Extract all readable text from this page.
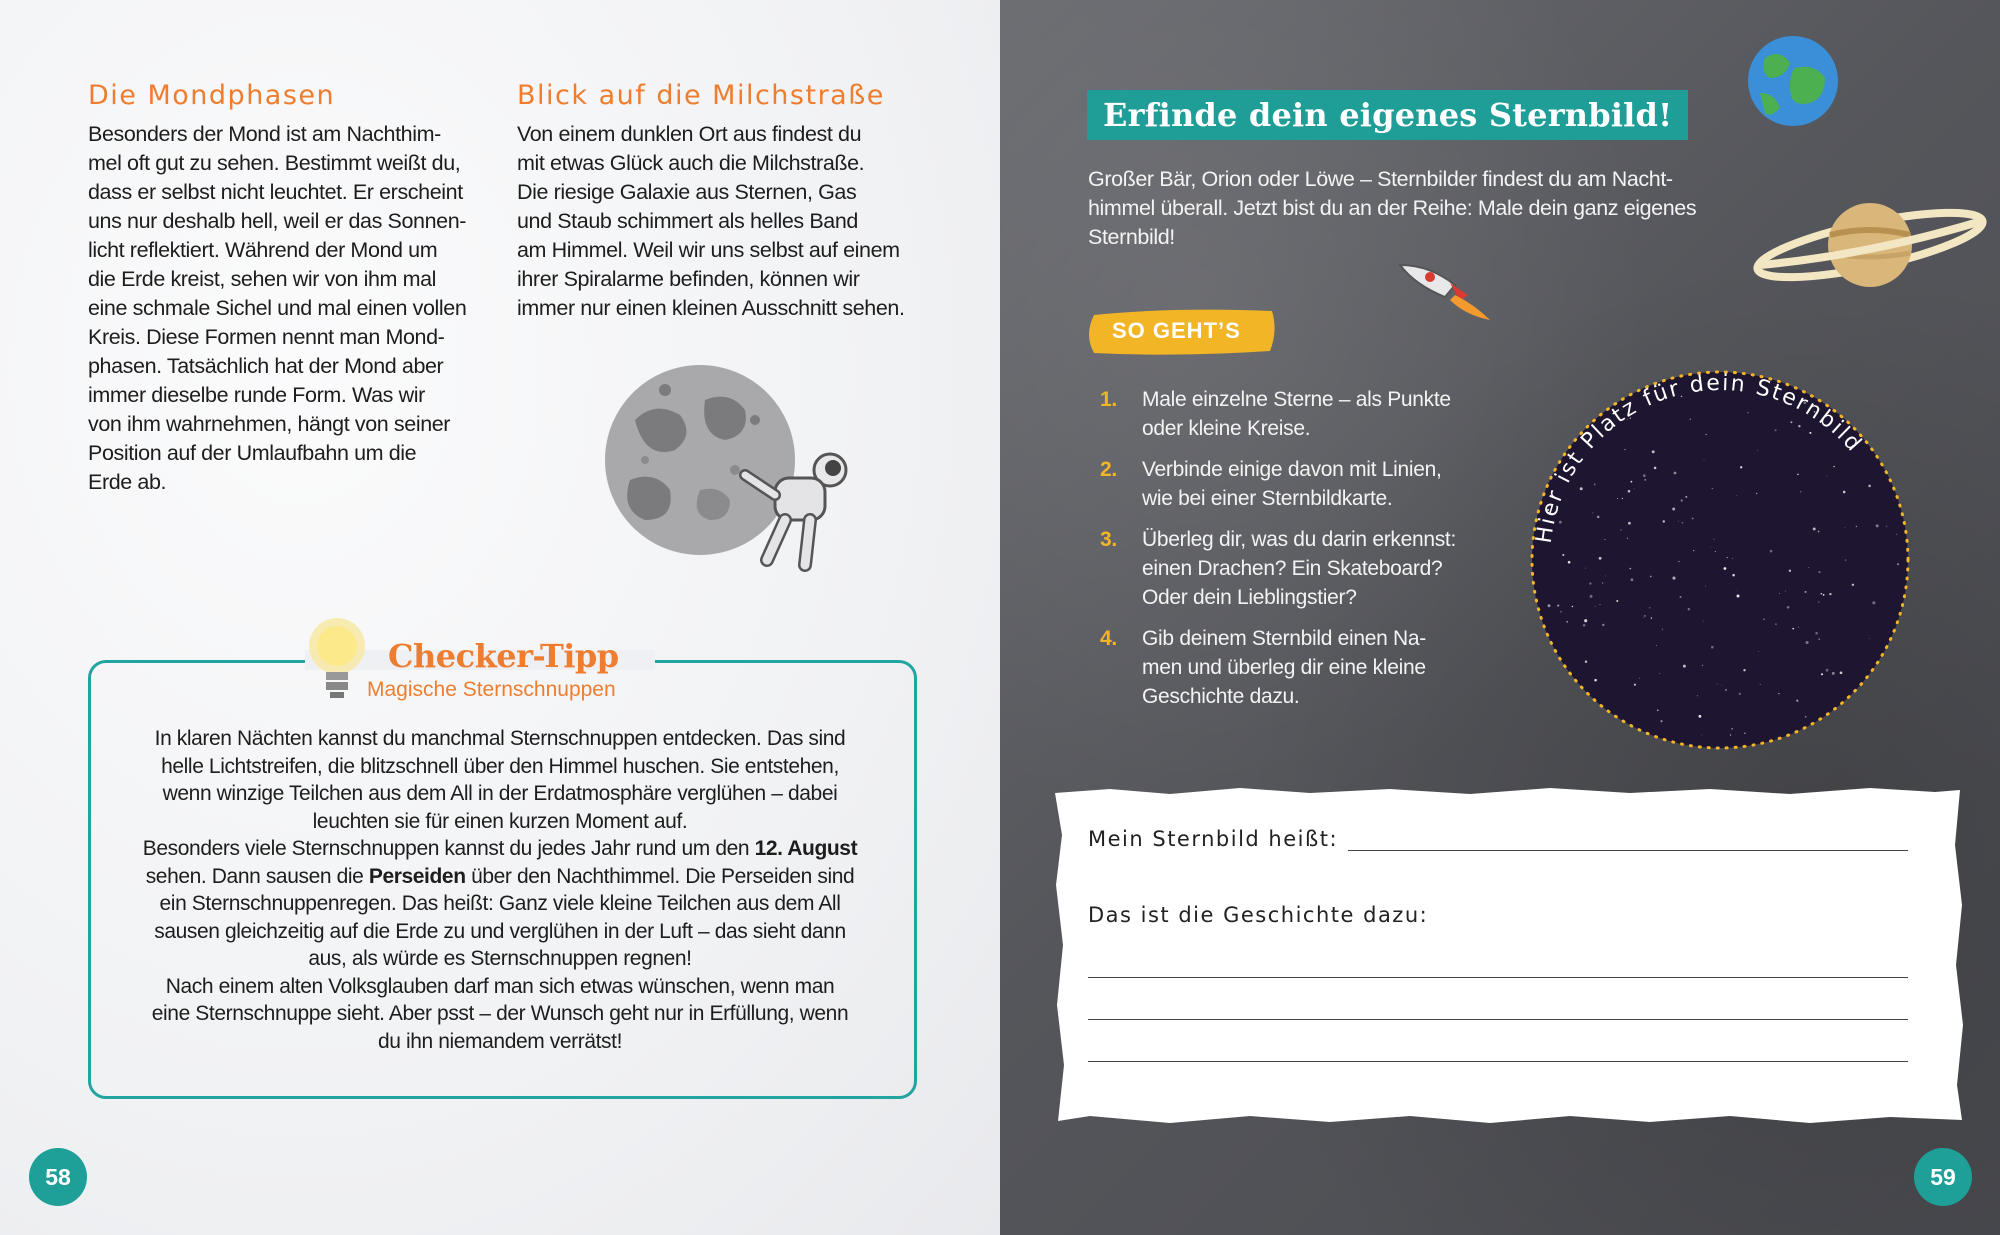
Die Mondphasen
Besonders der Mond ist am Nachthim-
mel oft gut zu sehen. Bestimmt weißt du,
dass er selbst nicht leuchtet. Er erscheint
uns nur deshalb hell, weil er das Sonnen-
licht reflektiert. Während der Mond um
die Erde kreist, sehen wir von ihm mal
eine schmale Sichel und mal einen vollen
Kreis. Diese Formen nennt man Mond-
phasen. Tatsächlich hat der Mond aber
immer dieselbe runde Form. Was wir
von ihm wahrnehmen, hängt von seiner
Position auf der Umlaufbahn um die
Erde ab.
Blick auf die Milchstraße
Von einem dunklen Ort aus findest du
mit etwas Glück auch die Milchstraße.
Die riesige Galaxie aus Sternen, Gas
und Staub schimmert als helles Band
am Himmel. Weil wir uns selbst auf einem
ihrer Spiralarme befinden, können wir
immer nur einen kleinen Ausschnitt sehen.
Checker-Tipp
Magische Sternschnuppen

In klaren Nächten kannst du manchmal Sternschnuppen entdecken. Das sind

helle Lichtstreifen, die blitzschnell über den Himmel huschen. Sie entstehen,

wenn winzige Teilchen aus dem All in der Erdatmosphäre verglühen – dabei

leuchten sie für einen kurzen Moment auf.

Besonders viele Sternschnuppen kannst du jedes Jahr rund um den 12. August

sehen. Dann sausen die Perseiden über den Nachthimmel. Die Perseiden sind

ein Sternschnuppenregen. Das heißt: Ganz viele kleine Teilchen aus dem All

sausen gleichzeitig auf die Erde zu und verglühen in der Luft – das sieht dann

aus, als würde es Sternschnuppen regnen!

Nach einem alten Volksglauben darf man sich etwas wünschen, wenn man

eine Sternschnuppe sieht. Aber psst – der Wunsch geht nur in Erfüllung, wenn

du ihn niemandem verrätst!

58
Erfinde dein eigenes Sternbild!
Großer Bär, Orion oder Löwe – Sternbilder findest du am Nacht-
himmel überall. Jetzt bist du an der Reihe: Male dein ganz eigenes
Sternbild!
SO GEHT’S
1. Male einzelne Sterne – als Punkte
oder kleine Kreise.
2. Verbinde einige davon mit Linien,
wie bei einer Sternbildkarte.
3. Überleg dir, was du darin erkennst:
einen Drachen? Ein Skateboard?
Oder dein Lieblingstier?
4. Gib deinem Sternbild einen Na-
men und überleg dir eine kleine
Geschichte dazu.
Hier ist Platz für dein Sternbild
Mein Sternbild heißt:
Das ist die Geschichte dazu:
59
